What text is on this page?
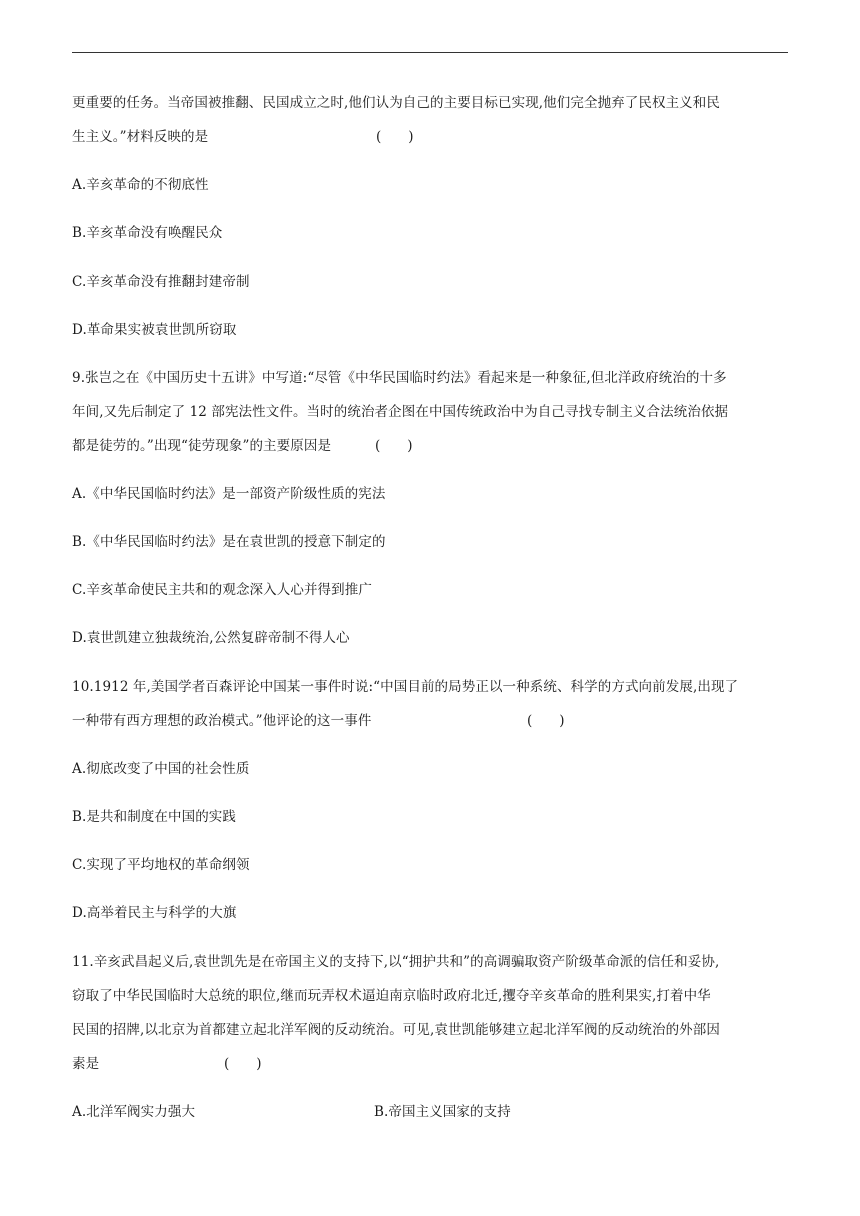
更重要的任务。当帝国被推翻、民国成立之时,他们认为自己的主要目标已实现,他们完全抛弃了民权主义和民
生主义。”材料反映的是	(　　)
A.辛亥革命的不彻底性
B.辛亥革命没有唤醒民众
C.辛亥革命没有推翻封建帝制
D.革命果实被袁世凯所窃取
9.张岂之在《中国历史十五讲》中写道:“尽管《中华民国临时约法》看起来是一种象征,但北洋政府统治的十多
年间,又先后制定了 12 部宪法性文件。当时的统治者企图在中国传统政治中为自己寻找专制主义合法统治依据
都是徒劳的。”出现“徒劳现象”的主要原因是	(　　)
A.《中华民国临时约法》是一部资产阶级性质的宪法
B.《中华民国临时约法》是在袁世凯的授意下制定的
C.辛亥革命使民主共和的观念深入人心并得到推广
D.袁世凯建立独裁统治,公然复辟帝制不得人心
10.1912 年,美国学者百森评论中国某一事件时说:“中国目前的局势正以一种系统、科学的方式向前发展,出现了
一种带有西方理想的政治模式。”他评论的这一事件	(　　)
A.彻底改变了中国的社会性质
B.是共和制度在中国的实践
C.实现了平均地权的革命纲领
D.高举着民主与科学的大旗
11.辛亥武昌起义后,袁世凯先是在帝国主义的支持下,以“拥护共和”的高调骗取资产阶级革命派的信任和妥协,
窃取了中华民国临时大总统的职位,继而玩弄权术逼迫南京临时政府北迁,攫夺辛亥革命的胜利果实,打着中华
民国的招牌,以北京为首都建立起北洋军阀的反动统治。可见,袁世凯能够建立起北洋军阀的反动统治的外部因
素是	(　　)
A.北洋军阀实力强大	B.帝国主义国家的支持
